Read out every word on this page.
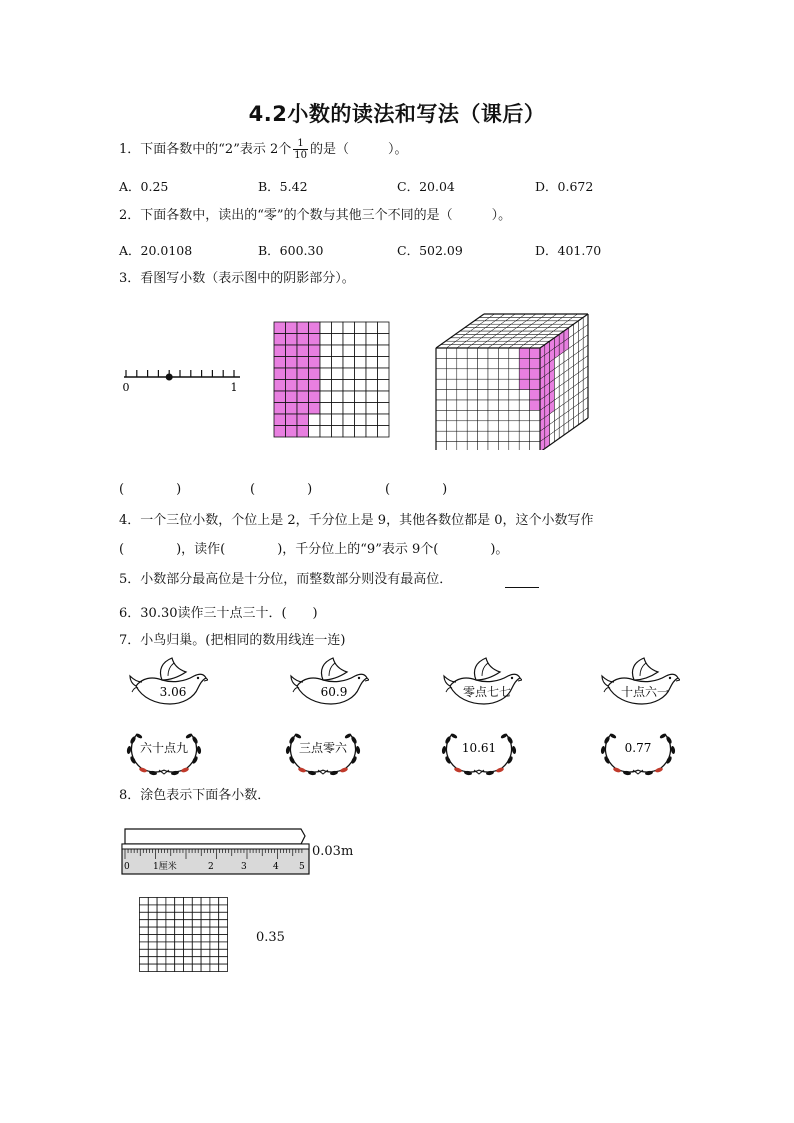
4.2小数的读法和写法（课后）
1．下面各数中的“2”表示 2个 $\frac{1}{10}$ 的是（　　　）。
A．0.25	B．5.42	C．20.04	D．0.672
2．下面各数中，读出的“零”的个数与其他三个不同的是（　　　）。
A．20.0108	B．600.30	C．502.09	D．401.70
3．看图写小数（表示图中的阴影部分）。
0	1
(　　　　)	(　　　　)	(　　　　)
4．一个三位小数，个位上是 2，千分位上是 9，其他各数位都是 0，这个小数写作
(　　　　)，读作(　　　　)，千分位上的“9”表示 9个(　　　　)。
5．小数部分最高位是十分位，而整数部分则没有最高位．
6．30.30读作三十点三十．(　　)
7．小鸟归巢。(把相同的数用线连一连)
3.06	60.9	零点七七	十点六一
六十点九	三点零六	10.61	0.77
8．涂色表示下面各小数．
0	1厘米	2	3	4 5
0.03m
0.35
